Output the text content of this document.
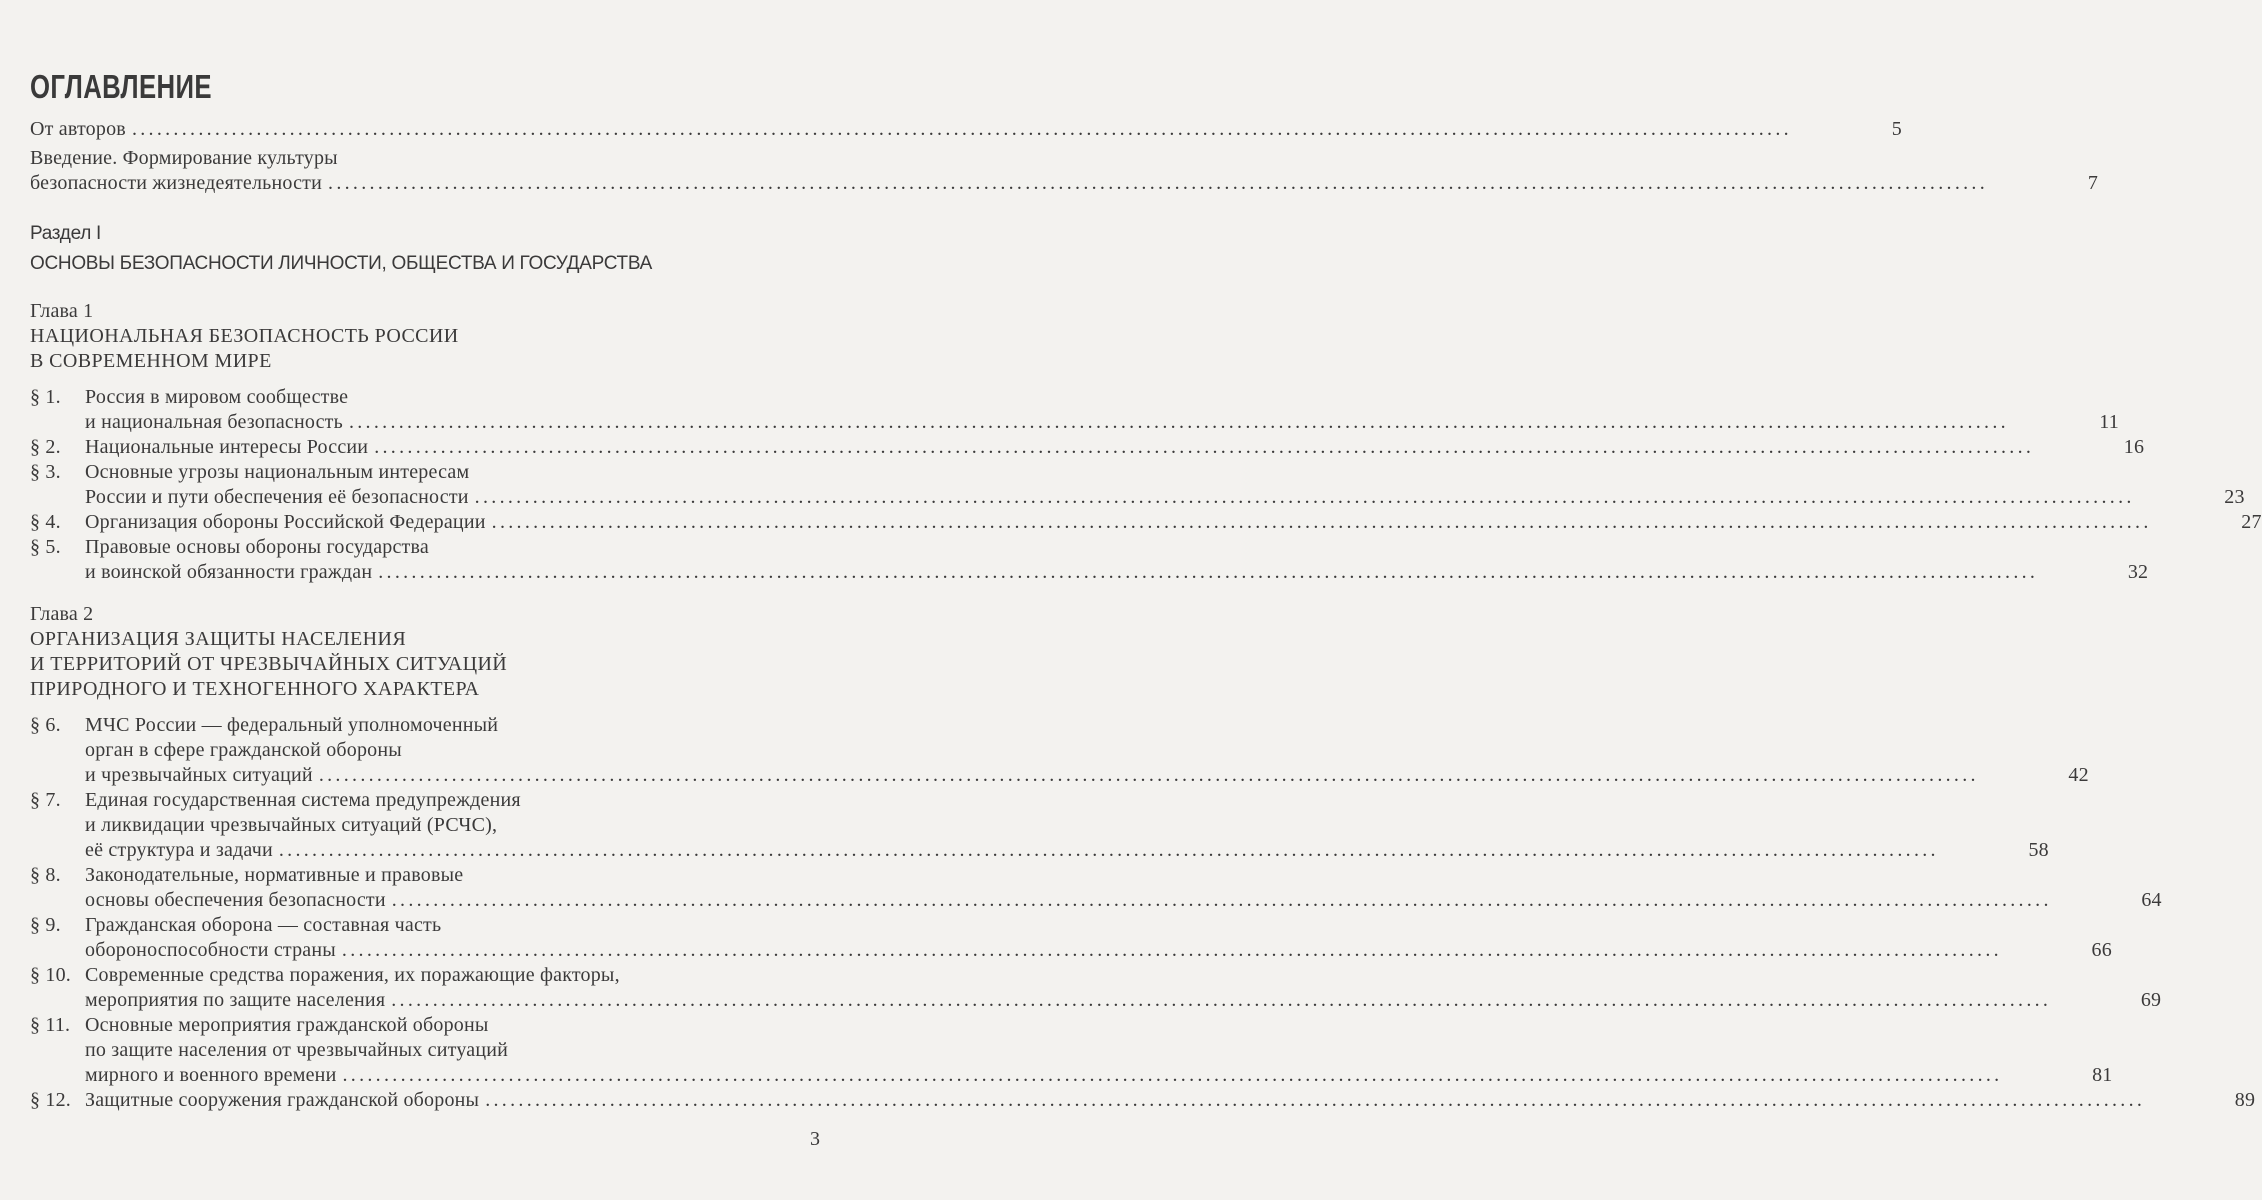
ОГЛАВЛЕНИЕ
От авторов ........................................................................................................................................................................................................	5
Введение. Формирование культуры
безопасности жизнедеятельности ........................................................................................................................................................................................................	7
Раздел I
ОСНОВЫ БЕЗОПАСНОСТИ ЛИЧНОСТИ, ОБЩЕСТВА И ГОСУДАРСТВА
Глава 1
НАЦИОНАЛЬНАЯ БЕЗОПАСНОСТЬ РОССИИ
В СОВРЕМЕННОМ МИРЕ
§ 1.	Россия в мировом сообществе
и национальная безопасность ........................................................................................................................................................................................................	11
§ 2.	Национальные интересы России ........................................................................................................................................................................................................	16
§ 3.	Основные угрозы национальным интересам
России и пути обеспечения её безопасности ........................................................................................................................................................................................................	23
§ 4.	Организация обороны Российской Федерации ........................................................................................................................................................................................................	27
§ 5.	Правовые основы обороны государства
и воинской обязанности граждан ........................................................................................................................................................................................................	32
Глава 2
ОРГАНИЗАЦИЯ ЗАЩИТЫ НАСЕЛЕНИЯ
И ТЕРРИТОРИЙ ОТ ЧРЕЗВЫЧАЙНЫХ СИТУАЦИЙ
ПРИРОДНОГО И ТЕХНОГЕННОГО ХАРАКТЕРА
§ 6.	МЧС России — федеральный уполномоченный
орган в сфере гражданской обороны
и чрезвычайных ситуаций ........................................................................................................................................................................................................	42
§ 7.	Единая государственная система предупреждения
и ликвидации чрезвычайных ситуаций (РСЧС),
её структура и задачи ........................................................................................................................................................................................................	58
§ 8.	Законодательные, нормативные и правовые
основы обеспечения безопасности ........................................................................................................................................................................................................	64
§ 9.	Гражданская оборона — составная часть
обороноспособности страны ........................................................................................................................................................................................................	66
§ 10. Современные средства поражения, их поражающие факторы,
мероприятия по защите населения ........................................................................................................................................................................................................	69
§ 11. Основные мероприятия гражданской обороны
по защите населения от чрезвычайных ситуаций
мирного и военного времени ........................................................................................................................................................................................................	81
§ 12. Защитные сооружения гражданской обороны ........................................................................................................................................................................................................	89
3
